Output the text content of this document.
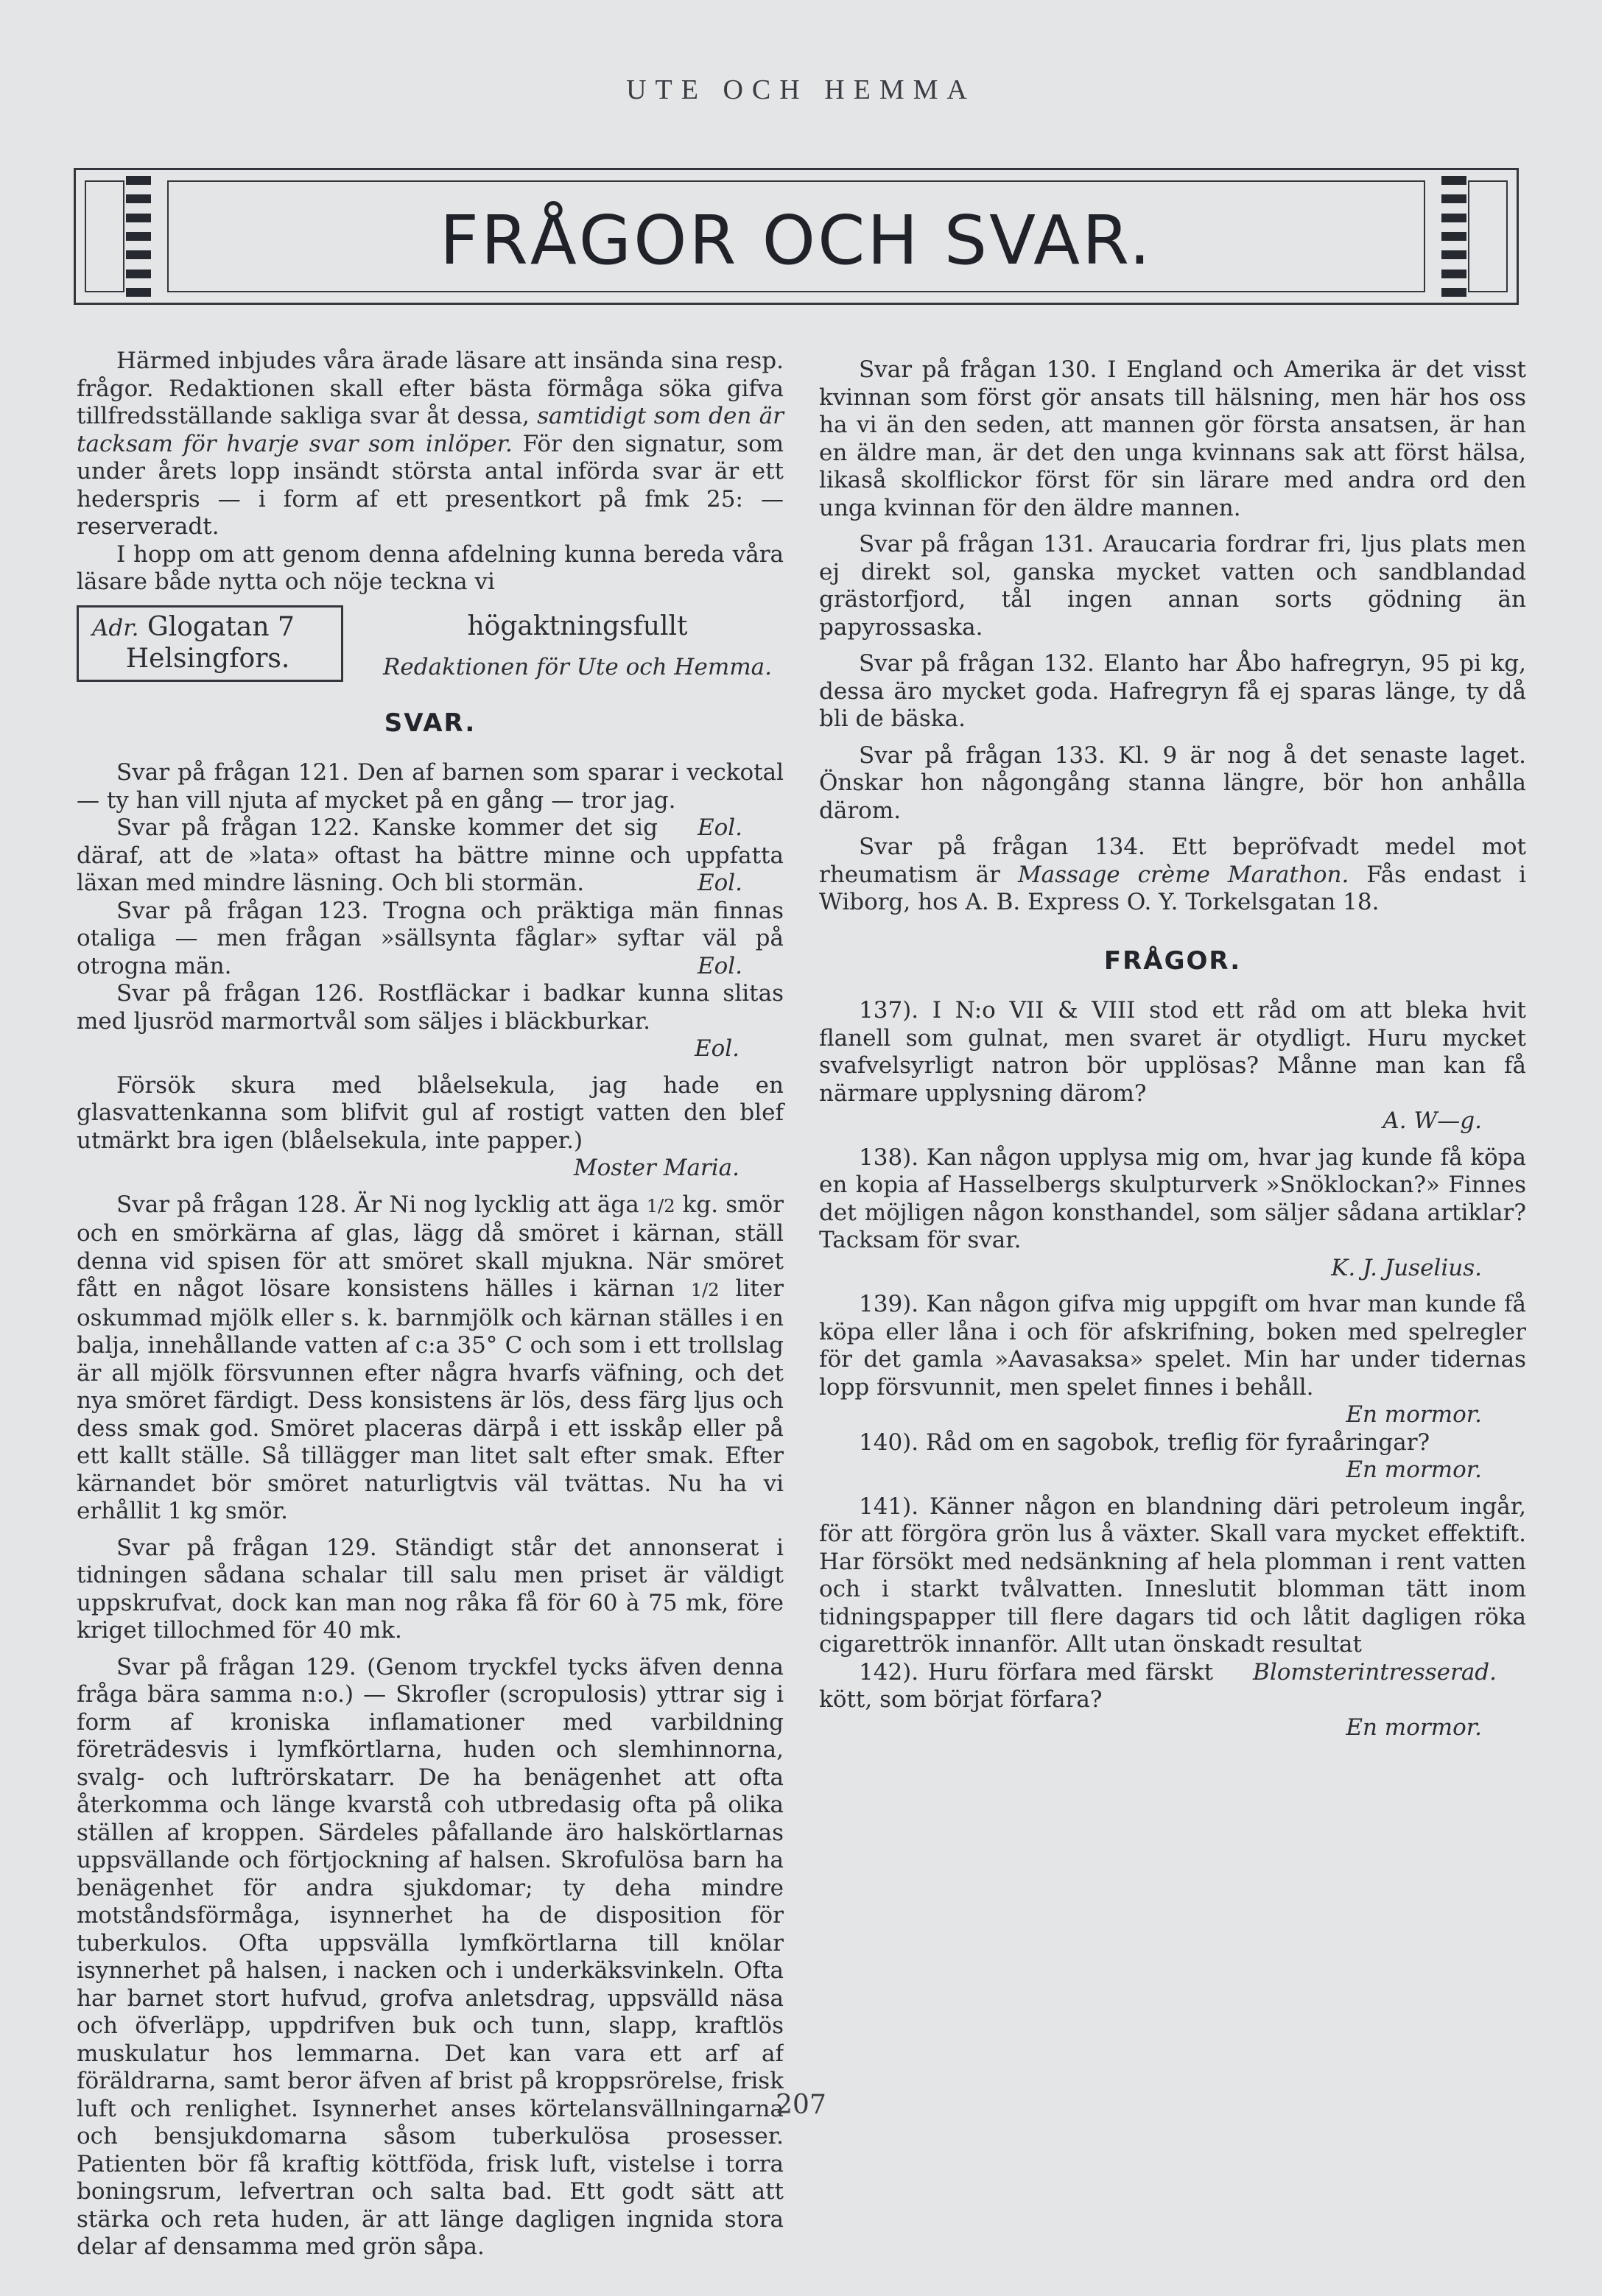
UTE OCH HEMMA
FRÅGOR OCH SVAR.

Härmed inbjudes våra ärade läsare att insända sina resp. frågor. Redaktionen skall efter bästa förmåga söka gifva tillfredsställande sakliga svar åt dessa, samtidigt som den är tacksam för hvarje svar som inlöper. För den signatur, som under årets lopp insändt största antal införda svar är ett hederspris — i form af ett presentkort på fmk 25: — reserveradt.

I hopp om att genom denna afdelning kunna bereda våra läsare både nytta och nöje teckna vi

Adr. Glogatan 7
Helsingfors.
högaktningsfullt
Redaktionen för Ute och Hemma.
SVAR.

Svar på frågan 121. Den af barnen som sparar i veckotal — ty han vill njuta af mycket på en gång — tror jag.
Eol.

Svar på frågan 122. Kanske kommer det sig däraf, att de »lata» oftast ha bättre minne och uppfatta läxan med mindre läsning. Och bli stormän.	Eol.

Svar på frågan 123. Trogna och präktiga män finnas otaliga — men frågan »sällsynta fåglar» syftar väl på otrogna män.	Eol.

Svar på frågan 126. Rostfläckar i badkar kunna slitas med ljusröd marmortvål som säljes i bläckburkar.

Eol.

Försök skura med blåelsekula, jag hade en glasvattenkanna som blifvit gul af rostigt vatten den blef utmärkt bra igen (blåelsekula, inte papper.)

Moster Maria.

Svar på frågan 128. Är Ni nog lycklig att äga 1/2 kg. smör och en smörkärna af glas, lägg då smöret i kärnan, ställ denna vid spisen för att smöret skall mjukna. När smöret fått en något lösare konsistens hälles i kärnan 1/2 liter oskummad mjölk eller s. k. barnmjölk och kärnan ställes i en balja, innehållande vatten af c:a 35° C och som i ett trollslag är all mjölk försvunnen efter några hvarfs väfning, och det nya smöret färdigt. Dess konsistens är lös, dess färg ljus och dess smak god. Smöret placeras därpå i ett isskåp eller på ett kallt ställe. Så tillägger man litet salt efter smak. Efter kärnandet bör smöret naturligtvis väl tvättas. Nu ha vi erhållit 1 kg smör.

Svar på frågan 129. Ständigt står det annonserat i tidningen sådana schalar till salu men priset är väldigt uppskrufvat, dock kan man nog råka få för 60 à 75 mk, före kriget tillochmed för 40 mk.

Svar på frågan 129. (Genom tryckfel tycks äfven denna fråga bära samma n:o.) — Skrofler (scropulosis) yttrar sig i form af kroniska inflamationer med varbildning företrädesvis i lymfkörtlarna, huden och slemhinnorna, svalg- och luftrörskatarr. De ha benägenhet att ofta återkomma och länge kvarstå coh utbredasig ofta på olika ställen af kroppen. Särdeles påfallande äro halskörtlarnas uppsvällande och förtjockning af halsen. Skrofulösa barn ha benägenhet för andra sjukdomar; ty deha mindre motståndsförmåga, isynnerhet ha de disposition för tuberkulos. Ofta uppsvälla lymfkörtlarna till knölar isynnerhet på halsen, i nacken och i underkäksvinkeln. Ofta har barnet stort hufvud, grofva anletsdrag, uppsvälld näsa och öfverläpp, uppdrifven buk och tunn, slapp, kraftlös muskulatur hos lemmarna. Det kan vara ett arf af föräldrarna, samt beror äfven af brist på kroppsrörelse, frisk luft och renlighet. Isynnerhet anses körtelansvällningarna och bensjukdomarna såsom tuberkulösa prosesser. Patienten bör få kraftig köttföda, frisk luft, vistelse i torra boningsrum, lefvertran och salta bad. Ett godt sätt att stärka och reta huden, är att länge dagligen ingnida stora delar af densamma med grön såpa.

Svar på frågan 130. I England och Amerika är det visst kvinnan som först gör ansats till hälsning, men här hos oss ha vi än den seden, att mannen gör första ansatsen, är han en äldre man, är det den unga kvinnans sak att först hälsa, likaså skolflickor först för sin lärare med andra ord den unga kvinnan för den äldre mannen.

Svar på frågan 131. Araucaria fordrar fri, ljus plats men ej direkt sol, ganska mycket vatten och sandblandad grästorfjord, tål ingen annan sorts gödning än papyrossaska.

Svar på frågan 132. Elanto har Åbo hafregryn, 95 pi kg, dessa äro mycket goda. Hafregryn få ej sparas länge, ty då bli de bäska.

Svar på frågan 133. Kl. 9 är nog å det senaste laget. Önskar hon någongång stanna längre, bör hon anhålla därom.

Svar på frågan 134. Ett bepröfvadt medel mot rheumatism är Massage crème Marathon. Fås endast i Wiborg, hos A. B. Express O. Y. Torkelsgatan 18.

FRÅGOR.

137). I N:o VII & VIII stod ett råd om att bleka hvit flanell som gulnat, men svaret är otydligt. Huru mycket svafvelsyrligt natron bör upplösas? Månne man kan få närmare upplysning därom?

A. W—g.

138). Kan någon upplysa mig om, hvar jag kunde få köpa en kopia af Hasselbergs skulpturverk »Snöklockan?» Finnes det möjligen någon konsthandel, som säljer sådana artiklar? Tacksam för svar.

K. J. Juselius.

139). Kan någon gifva mig uppgift om hvar man kunde få köpa eller låna i och för afskrifning, boken med spelregler för det gamla »Aavasaksa» spelet. Min har under tidernas lopp försvunnit, men spelet finnes i behåll.

En mormor.

140). Råd om en sagobok, treflig för fyraåringar?

En mormor.

141). Känner någon en blandning däri petroleum ingår, för att förgöra grön lus å växter. Skall vara mycket effektift. Har försökt med nedsänkning af hela plomman i rent vatten och i starkt tvålvatten. Inneslutit blomman tätt inom tidningspapper till flere dagars tid och låtit dagligen röka cigarettrök innanför. Allt utan önskadt resultat
Blomsterintresserad.

142). Huru förfara med färskt kött, som börjat förfara?

En mormor.

207
